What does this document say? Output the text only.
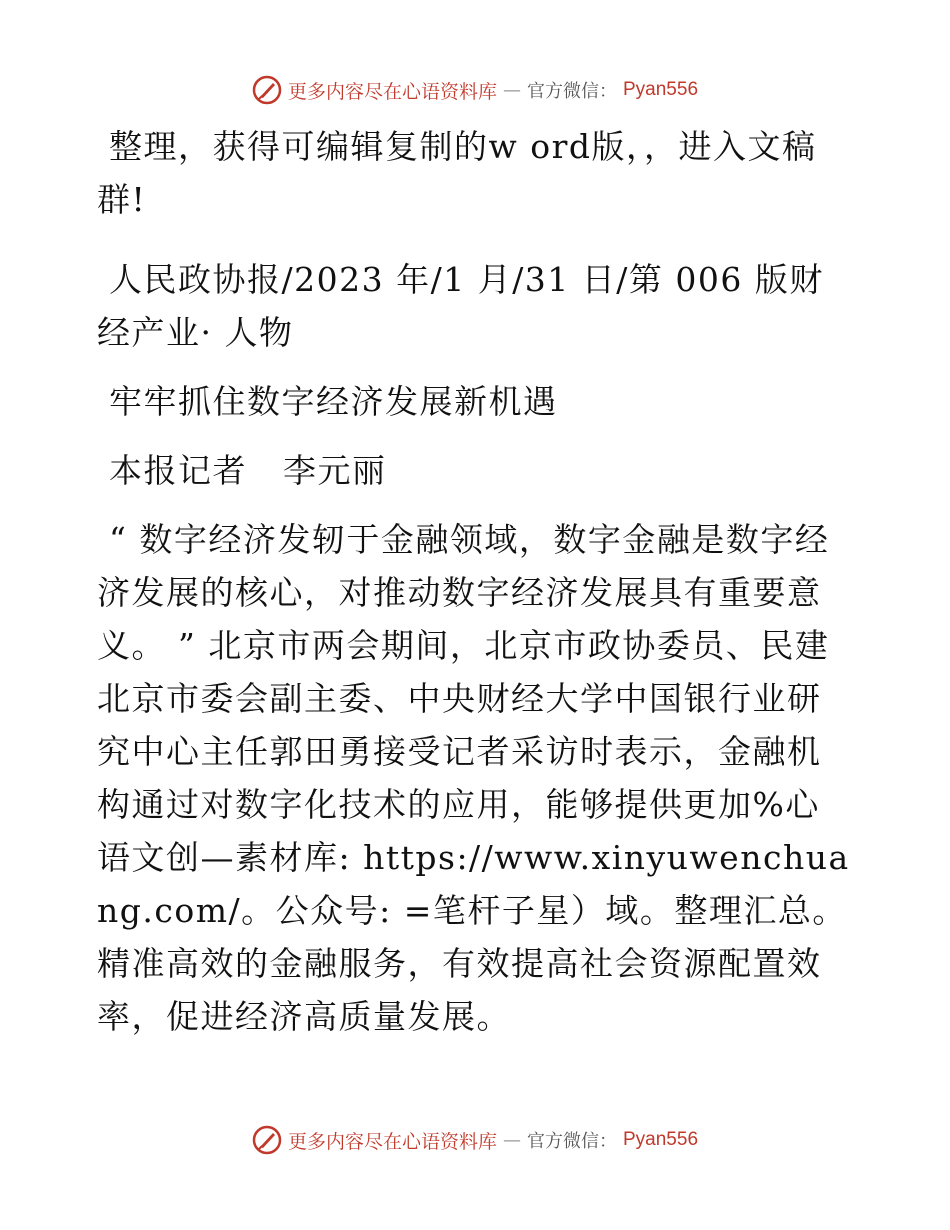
更多内容尽在心语资料库 — 官方微信： Pyan556

整理，获得可编辑复制的w ord版，，进入文稿群!

人民政协报/2023 年/1 月/31 日/第 006 版财经产业· 人物

牢牢抓住数字经济发展新机遇

本报记者   李元丽

“ 数字经济发轫于金融领域，数字金融是数字经济发展的核心，对推动数字经济发展具有重要意义。 ” 北京市两会期间，北京市政协委员、民建北京市委会副主委、中央财经大学中国银行业研究中心主任郭田勇接受记者采访时表示，金融机构通过对数字化技术的应用，能够提供更加%心语文创—素材库: https://www.xinyuwenchuang.com/。公众号: =笔杆子星）域。整理汇总。精准高效的金融服务，有效提高社会资源配置效率，促进经济高质量发展。

更多内容尽在心语资料库 — 官方微信： Pyan556
